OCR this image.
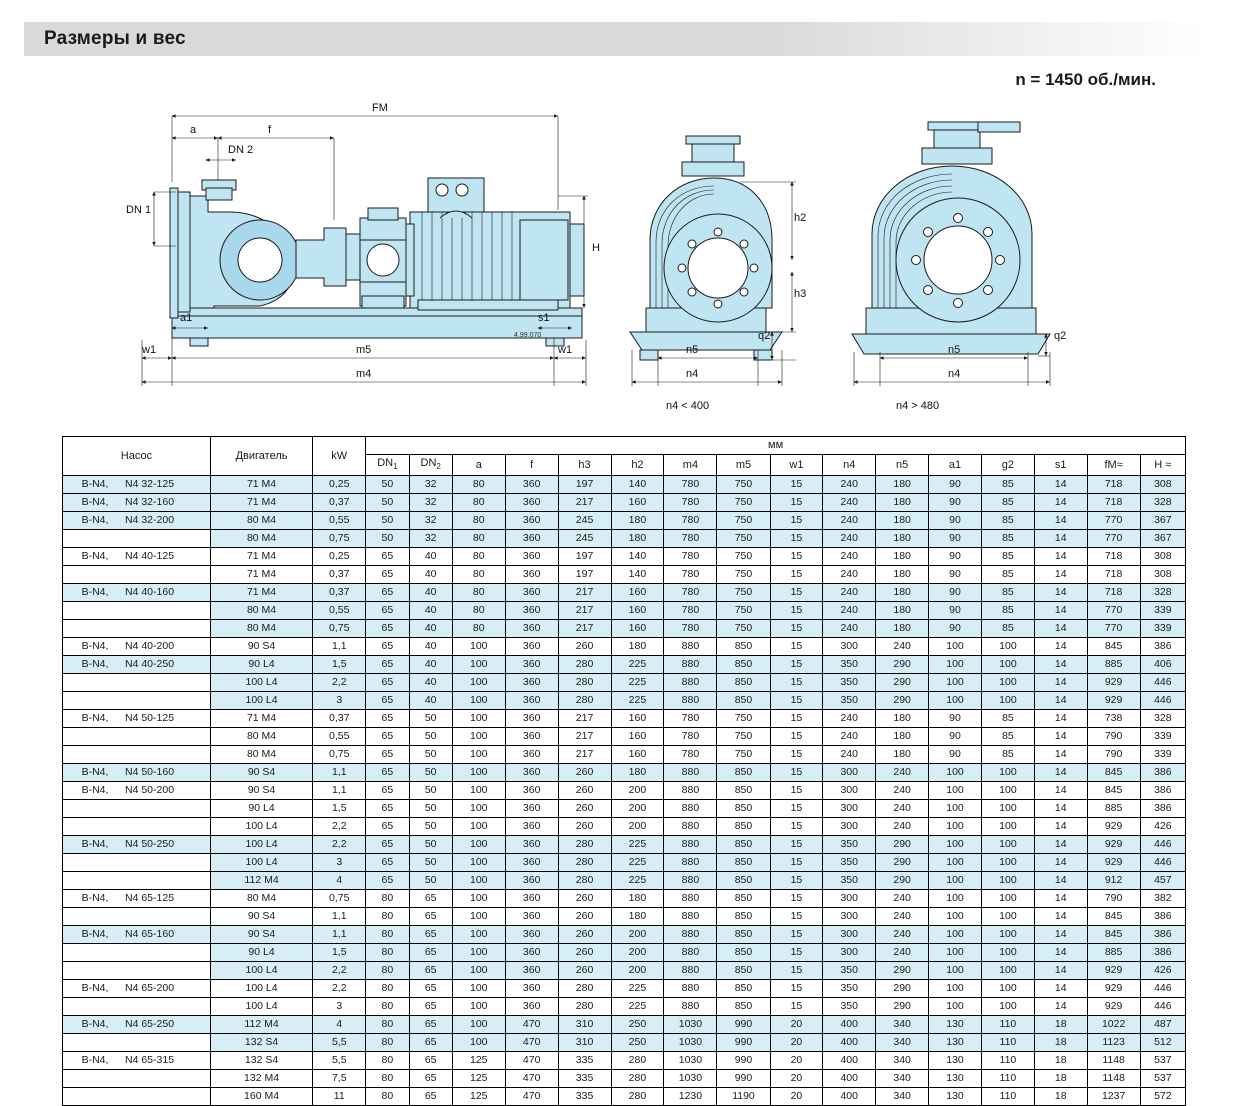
Размеры и вес
n = 1450 об./мин.
FM
a	f
DN 2
DN 1
H
a1	s1
w1	m5	w1
m4
4.99.070
h2
h3
q2
n5
n4
q2
n5
n4
n4 < 400	n4 > 480
Насос	Двигатель	kW	мм															
			$DN_1$	$DN_2$	a	f	h3	h2	m4	m5	w1	n4	n5	a1	g2	s1	fM≈	H ≈

B-N4, N4 32-125	71 M4	0,25	50	32	80	360	197	140	780	750	15	240	180	90	85	14	718	308

B-N4, N4 32-160	71 M4	0,37	50	32	80	360	217	160	780	750	15	240	180	90	85	14	718	328

B-N4, N4 32-200	80 M4	0,55	50	32	80	360	245	180	780	750	15	240	180	90	85	14	770	367
	80 M4	0,75	50	32	80	360	245	180	780	750	15	240	180	90	85	14	770	367

B-N4, N4 40-125	71 M4	0,25	65	40	80	360	197	140	780	750	15	240	180	90	85	14	718	308
	71 M4	0,37	65	40	80	360	197	140	780	750	15	240	180	90	85	14	718	308

B-N4, N4 40-160	71 M4	0,37	65	40	80	360	217	160	780	750	15	240	180	90	85	14	718	328
	80 M4	0,55	65	40	80	360	217	160	780	750	15	240	180	90	85	14	770	339
	80 M4	0,75	65	40	80	360	217	160	780	750	15	240	180	90	85	14	770	339

B-N4, N4 40-200	90 S4	1,1	65	40	100	360	260	180	880	850	15	300	240	100	100	14	845	386

B-N4, N4 40-250	90 L4	1,5	65	40	100	360	280	225	880	850	15	350	290	100	100	14	885	406
	100 L4	2,2	65	40	100	360	280	225	880	850	15	350	290	100	100	14	929	446
	100 L4	3	65	40	100	360	280	225	880	850	15	350	290	100	100	14	929	446

B-N4, N4 50-125	71 M4	0,37	65	50	100	360	217	160	780	750	15	240	180	90	85	14	738	328
	80 M4	0,55	65	50	100	360	217	160	780	750	15	240	180	90	85	14	790	339
	80 M4	0,75	65	50	100	360	217	160	780	750	15	240	180	90	85	14	790	339

B-N4, N4 50-160	90 S4	1,1	65	50	100	360	260	180	880	850	15	300	240	100	100	14	845	386

B-N4, N4 50-200	90 S4	1,1	65	50	100	360	260	200	880	850	15	300	240	100	100	14	845	386
	90 L4	1,5	65	50	100	360	260	200	880	850	15	300	240	100	100	14	885	386
	100 L4	2,2	65	50	100	360	260	200	880	850	15	300	240	100	100	14	929	426

B-N4, N4 50-250	100 L4	2,2	65	50	100	360	280	225	880	850	15	350	290	100	100	14	929	446
	100 L4	3	65	50	100	360	280	225	880	850	15	350	290	100	100	14	929	446
	112 M4	4	65	50	100	360	280	225	880	850	15	350	290	100	100	14	912	457

B-N4, N4 65-125	80 M4	0,75	80	65	100	360	260	180	880	850	15	300	240	100	100	14	790	382
	90 S4	1,1	80	65	100	360	260	180	880	850	15	300	240	100	100	14	845	386

B-N4, N4 65-160	90 S4	1,1	80	65	100	360	260	200	880	850	15	300	240	100	100	14	845	386
	90 L4	1,5	80	65	100	360	260	200	880	850	15	300	240	100	100	14	885	386
	100 L4	2,2	80	65	100	360	260	200	880	850	15	350	290	100	100	14	929	426

B-N4, N4 65-200	100 L4	2,2	80	65	100	360	280	225	880	850	15	350	290	100	100	14	929	446
	100 L4	3	80	65	100	360	280	225	880	850	15	350	290	100	100	14	929	446

B-N4, N4 65-250	112 M4	4	80	65	100	470	310	250	1030	990	20	400	340	130	110	18	1022	487
	132 S4	5,5	80	65	100	470	310	250	1030	990	20	400	340	130	110	18	1123	512

B-N4, N4 65-315	132 S4	5,5	80	65	125	470	335	280	1030	990	20	400	340	130	110	18	1148	537
	132 M4	7,5	80	65	125	470	335	280	1030	990	20	400	340	130	110	18	1148	537
	160 M4	11	80	65	125	470	335	280	1230	1190	20	400	340	130	110	18	1237	572
